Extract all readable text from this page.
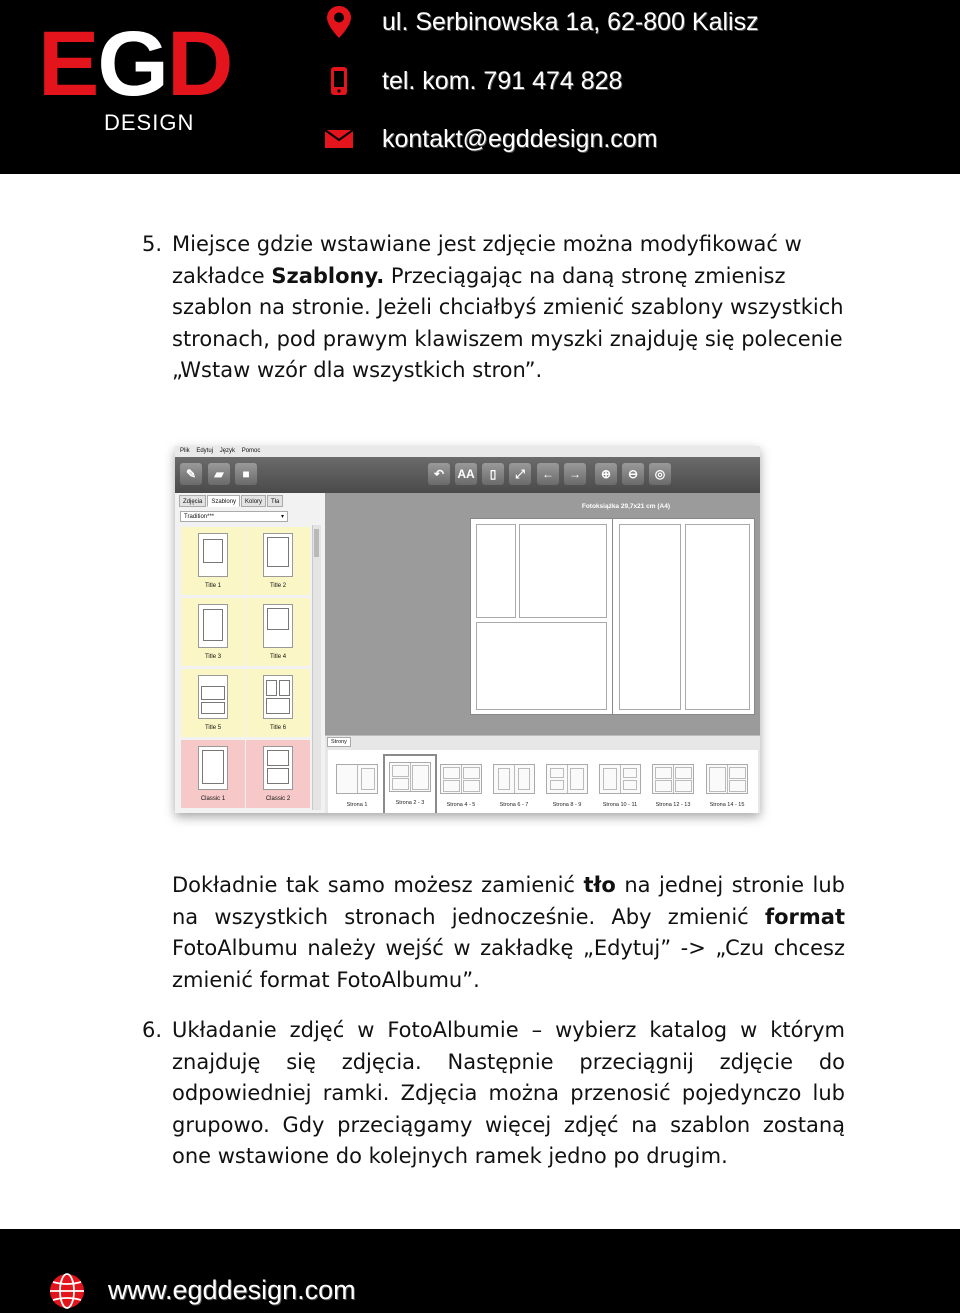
EGD
DESIGN
ul. Serbinowska 1a, 62-800 Kalisz
tel. kom. 791 474 828
kontakt@egddesign.com
5. Miejsce gdzie wstawiane jest zdjęcie można modyfikować w zakładce Szablony. Przeciągając na daną stronę zmienisz szablon na stronie. Jeżeli chciałbyś zmienić szablony wszystkich stronach, pod prawym klawiszem myszki znajduję się polecenie „Wstaw wzór dla wszystkich stron”.

Plik Edytuj Język Pomoc
✎	▰	■	↶	AA	▯	⤢	←	→	⊕	⊖	◎
Zdjęcia	Szablony	Kolory	Tła
Tradition***	▾
Title 1	Title 2
Title 3	Title 4
Title 5	Title 6
Classic 1	Classic 2
Fotoksiążka 29,7x21 cm (A4)
Strony
Strona 1	Strona 2 - 3	Strona 4 - 5	Strona 6 - 7	Strona 8 - 9	Strona 10 - 11	Strona 12 - 13	Strona 14 - 15

Dokładnie tak samo możesz zamienić tło na jednej stronie lub na wszystkich stronach jednocześnie. Aby zmienić format FotoAlbumu należy wejść w zakładkę „Edytuj” -> „Czu chcesz zmienić format FotoAlbumu”.

6. Układanie zdjęć w FotoAlbumie – wybierz katalog w którym znajduję się zdjęcia. Następnie przeciągnij zdjęcie do odpowiedniej ramki. Zdjęcia można przenosić pojedynczo lub grupowo. Gdy przeciągamy więcej zdjęć na szablon zostaną one wstawione do kolejnych ramek jedno po drugim.

www.egddesign.com
